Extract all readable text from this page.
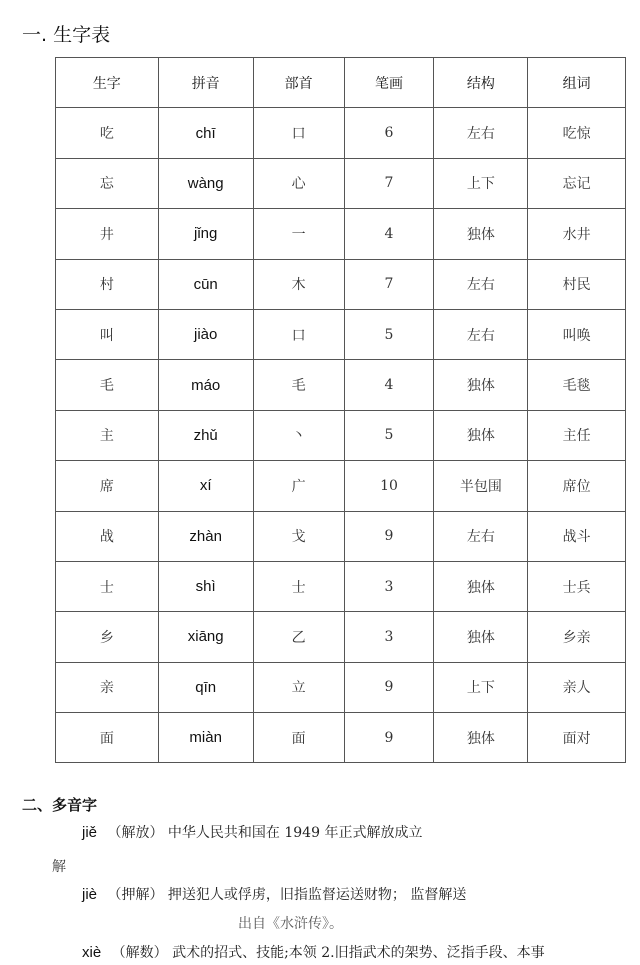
一. 生字表
生字	拼音	部首	笔画	结构	组词
吃	chī	口	6	左右	吃惊
忘	wàng	心	7	上下	忘记
井	jǐng	一	4	独体	水井
村	cūn	木	7	左右	村民
叫	jiào	口	5	左右	叫唤
毛	máo	毛	4	独体	毛毯
主	zhǔ	丶	5	独体	主任
席	xí	广	10	半包围	席位
战	zhàn	戈	9	左右	战斗
士	shì	士	3	独体	士兵
乡	xiāng	乙	3	独体	乡亲
亲	qīn	立	9	上下	亲人
面	miàn	面	9	独体	面对
二、多音字
jiě （解放） 中华人民共和国在 1949 年正式解放成立
解
jiè （押解） 押送犯人或俘虏，旧指监督运送财物； 监督解送
出自《水浒传》。
xiè （解数） 武术的招式、技能;本领 2.旧指武术的架势、泛指手段、本事
